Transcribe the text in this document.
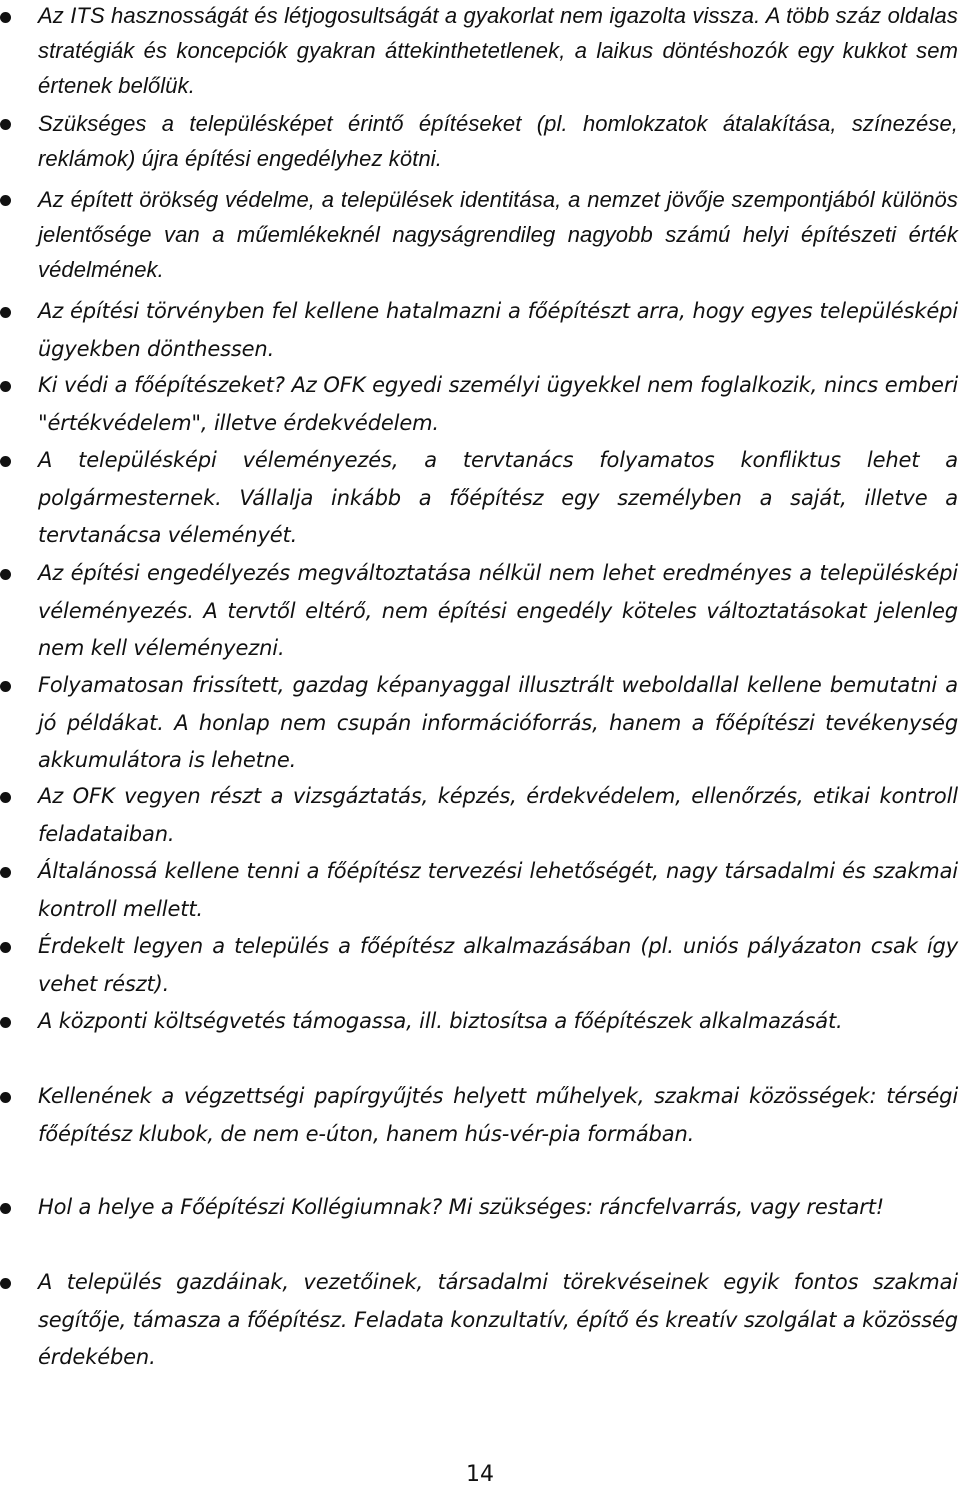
Az ITS hasznosságát és létjogosultságát a gyakorlat nem igazolta vissza. A több száz oldalas stratégiák és koncepciók gyakran áttekinthetetlenek, a laikus döntéshozók egy kukkot sem értenek belőlük.

Szükséges a településképet érintő építéseket (pl. homlokzatok átalakítása, színezése, reklámok) újra építési engedélyhez kötni.

Az épített örökség védelme, a települések identitása, a nemzet jövője szempontjából különös jelentősége van a műemlékeknél nagyságrendileg nagyobb számú helyi építészeti érték védelmének.

Az építési törvényben fel kellene hatalmazni a főépítészt arra, hogy egyes településképi ügyekben dönthessen.

Ki védi a főépítészeket? Az OFK egyedi személyi ügyekkel nem foglalkozik, nincs emberi "értékvédelem", illetve érdekvédelem.

A településképi véleményezés, a tervtanács folyamatos konfliktus lehet a polgármesternek. Vállalja inkább a főépítész egy személyben a saját, illetve a tervtanácsa véleményét.

Az építési engedélyezés megváltoztatása nélkül nem lehet eredményes a településképi véleményezés. A tervtől eltérő, nem építési engedély köteles változtatásokat jelenleg nem kell véleményezni.

Folyamatosan frissített, gazdag képanyaggal illusztrált weboldallal kellene bemutatni a jó példákat. A honlap nem csupán információforrás, hanem a főépítészi tevékenység akkumulátora is lehetne.

Az OFK vegyen részt a vizsgáztatás, képzés, érdekvédelem, ellenőrzés, etikai kontroll feladataiban.

Általánossá kellene tenni a főépítész tervezési lehetőségét, nagy társadalmi és szakmai kontroll mellett.

Érdekelt legyen a település a főépítész alkalmazásában (pl. uniós pályázaton csak így vehet részt).

A központi költségvetés támogassa, ill. biztosítsa a főépítészek alkalmazását.

Kellenének a végzettségi papírgyűjtés helyett műhelyek, szakmai közösségek: térségi főépítész klubok, de nem e-úton, hanem hús-vér-pia formában.

Hol a helye a Főépítészi Kollégiumnak? Mi szükséges: ráncfelvarrás, vagy restart!

A település gazdáinak, vezetőinek, társadalmi törekvéseinek egyik fontos szakmai segítője, támasza a főépítész. Feladata konzultatív, építő és kreatív szolgálat a közösség érdekében.

14
